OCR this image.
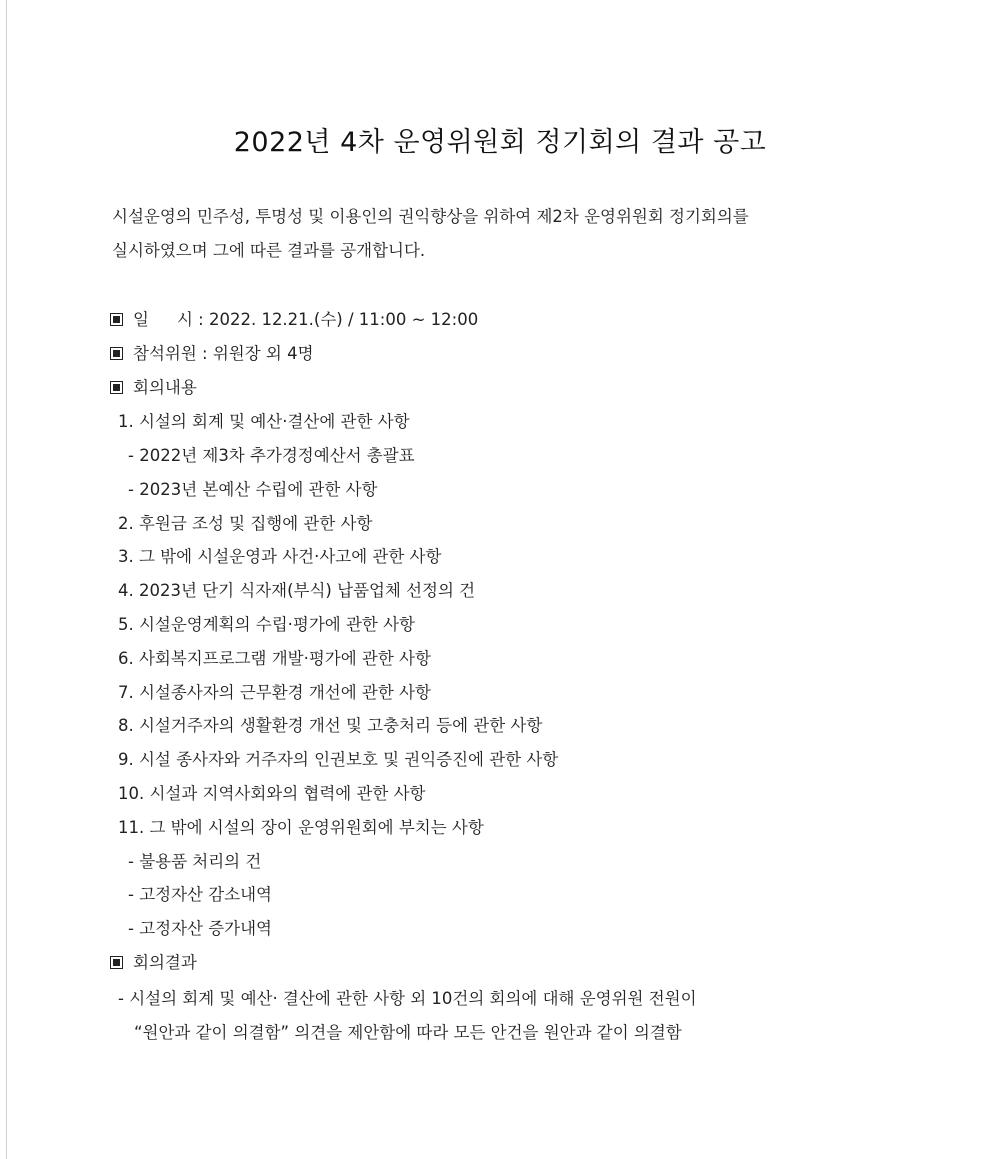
2022년 4차 운영위원회 정기회의 결과 공고

시설운영의 민주성, 투명성 및 이용인의 권익향상을 위하여 제2차 운영위원회 정기회의를

실시하였으며 그에 따른 결과를 공개합니다.

일 시 : 2022. 12.21.(수) / 11:00 ~ 12:00
참석위원 : 위원장 외 4명
회의내용
1. 시설의 회계 및 예산·결산에 관한 사항
- 2022년 제3차 추가경정예산서 총괄표
- 2023년 본예산 수립에 관한 사항
2. 후원금 조성 및 집행에 관한 사항
3. 그 밖에 시설운영과 사건·사고에 관한 사항
4. 2023년 단기 식자재(부식) 납품업체 선정의 건
5. 시설운영계획의 수립·평가에 관한 사항
6. 사회복지프로그램 개발·평가에 관한 사항
7. 시설종사자의 근무환경 개선에 관한 사항
8. 시설거주자의 생활환경 개선 및 고충처리 등에 관한 사항
9. 시설 종사자와 거주자의 인권보호 및 권익증진에 관한 사항
10. 시설과 지역사회와의 협력에 관한 사항
11. 그 밖에 시설의 장이 운영위원회에 부치는 사항
- 불용품 처리의 건
- 고정자산 감소내역
- 고정자산 증가내역
회의결과
- 시설의 회계 및 예산· 결산에 관한 사항 외 10건의 회의에 대해 운영위원 전원이
“원안과 같이 의결함” 의견을 제안함에 따라 모든 안건을 원안과 같이 의결함
